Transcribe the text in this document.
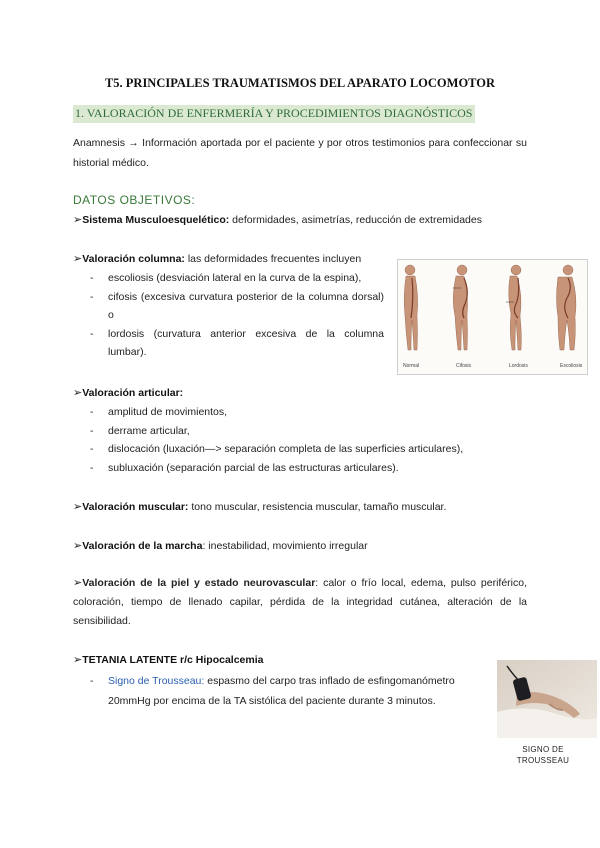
T5. PRINCIPALES TRAUMATISMOS DEL APARATO LOCOMOTOR
1. VALORACIÓN DE ENFERMERÍA Y PROCEDIMIENTOS DIAGNÓSTICOS
Anamnesis → Información aportada por el paciente y por otros testimonios para confeccionar su historial médico.
DATOS OBJETIVOS:
➢Sistema Musculoesquelético: deformidades, asimetrías, reducción de extremidades
➢Valoración columna: las deformidades frecuentes incluyen
- escoliosis (desviación lateral en la curva de la espina),
- cifosis (excesiva curvatura posterior de la columna dorsal) o
- lordosis (curvatura anterior excesiva de la columna lumbar).
Normal	Cifosis	Lordosis	Escoliosis
➢Valoración articular:
- amplitud de movimientos,
- derrame articular,
- dislocación (luxación—> separación completa de las superficies articulares),
- subluxación (separación parcial de las estructuras articulares).
➢Valoración muscular: tono muscular, resistencia muscular, tamaño muscular.
➢Valoración de la marcha: inestabilidad, movimiento irregular
➢Valoración de la piel y estado neurovascular: calor o frío local, edema, pulso periférico, coloración, tiempo de llenado capilar, pérdida de la integridad cutánea, alteración de la sensibilidad.
➢TETANIA LATENTE r/c Hipocalcemia
- Signo de Trousseau: espasmo del carpo tras inflado de esfingomanómetro 20mmHg por encima de la TA sistólica del paciente durante 3 minutos.
SIGNO DE
TROUSSEAU
